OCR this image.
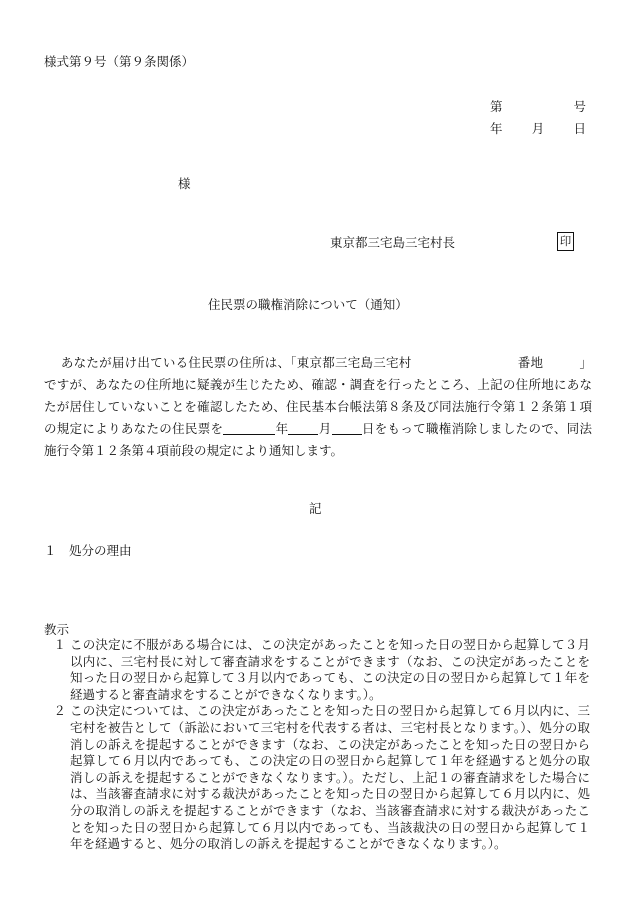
様式第９号（第９条関係）
第	号
年 月 日
様
東京都三宅島三宅村長	印
住民票の職権消除について（通知）

あなたが届け出ている住民票の住所は、「東京都三宅島三宅村	番地	」ですが、あなたの住所地に疑義が生じたため、確認・調査を行ったところ、上記の住所地にあなたが居住していないことを確認したため、住民基本台帳法第８条及び同法施行令第１２条第１項の規定によりあなたの住民票を	年 月 日をもって職権消除しましたので、同法施行令第１２条第４項前段の規定により通知します。

記
１　処分の理由
教示
１ この決定に不服がある場合には、この決定があったことを知った日の翌日から起算して３月以内に、三宅村長に対して審査請求をすることができます（なお、この決定があったことを知った日の翌日から起算して３月以内であっても、この決定の日の翌日から起算して１年を経過すると審査請求をすることができなくなります。）。
２ この決定については、この決定があったことを知った日の翌日から起算して６月以内に、三宅村を被告として（訴訟において三宅村を代表する者は、三宅村長となります。）、処分の取消しの訴えを提起することができます（なお、この決定があったことを知った日の翌日から起算して６月以内であっても、この決定の日の翌日から起算して１年を経過すると処分の取消しの訴えを提起することができなくなります。）。ただし、上記１の審査請求をした場合には、当該審査請求に対する裁決があったことを知った日の翌日から起算して６月以内に、処分の取消しの訴えを提起することができます（なお、当該審査請求に対する裁決があったことを知った日の翌日から起算して６月以内であっても、当該裁決の日の翌日から起算して１年を経過すると、処分の取消しの訴えを提起することができなくなります。）。
